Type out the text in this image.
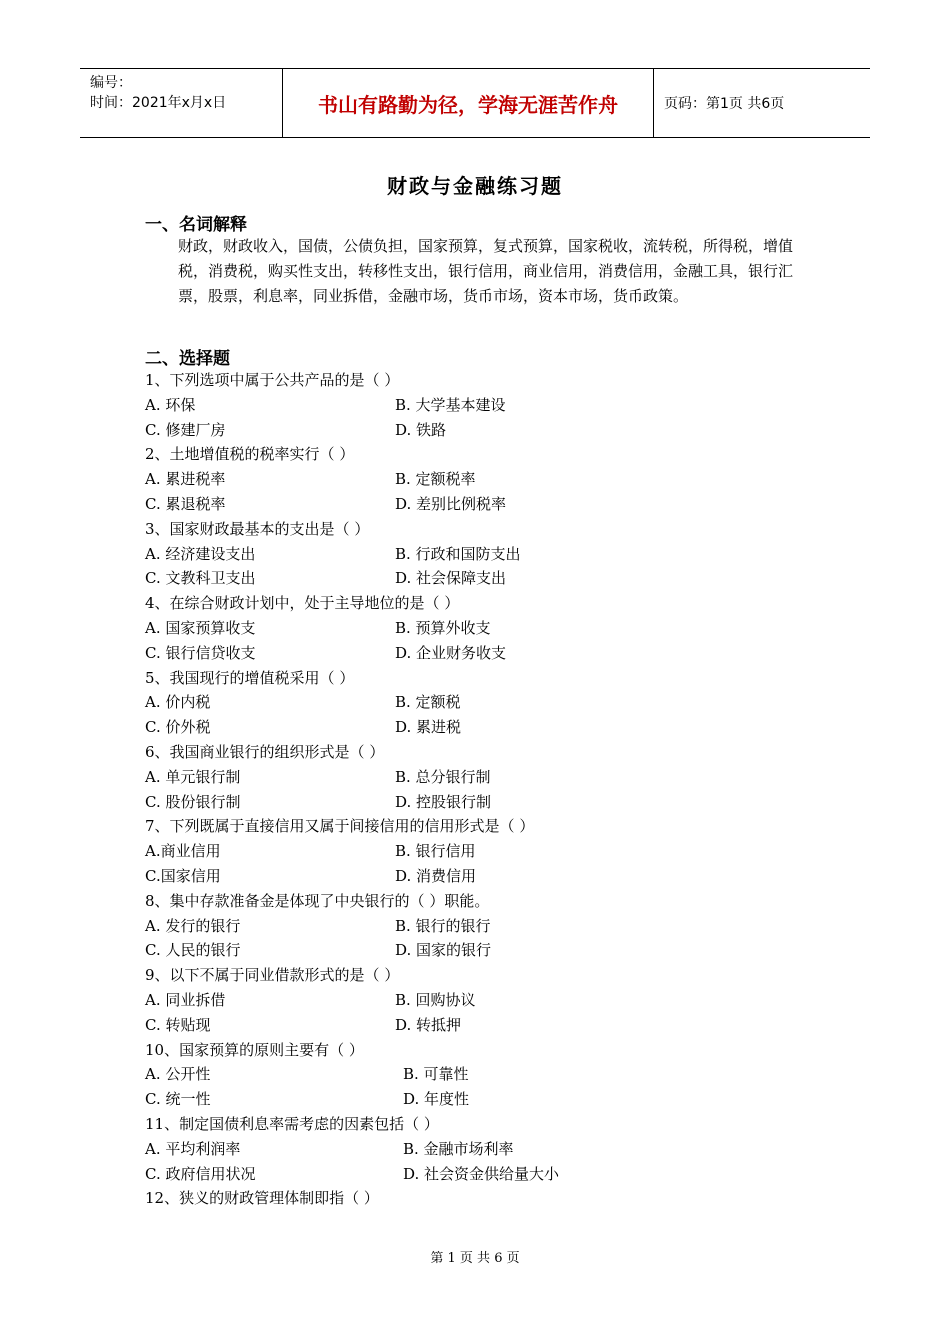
编号：
时间：2021年x月x日	书山有路勤为径，学海无涯苦作舟	页码：第1页 共6页
财政与金融练习题
一、名词解释
财政，财政收入，国债，公债负担，国家预算，复式预算，国家税收，流转税，所得税，增值税，消费税，购买性支出，转移性支出，银行信用，商业信用，消费信用，金融工具，银行汇票，股票，利息率，同业拆借，金融市场，货币市场，资本市场，货币政策。
二、选择题
1、下列选项中属于公共产品的是（ ）
A. 环保	B. 大学基本建设
C. 修建厂房	D. 铁路
2、土地增值税的税率实行（ ）
A. 累进税率	B. 定额税率
C. 累退税率	D. 差别比例税率
3、国家财政最基本的支出是（ ）
A. 经济建设支出	B. 行政和国防支出
C. 文教科卫支出	D. 社会保障支出
4、在综合财政计划中，处于主导地位的是（ ）
A. 国家预算收支	B. 预算外收支
C. 银行信贷收支	D. 企业财务收支
5、我国现行的增值税采用（ ）
A. 价内税	B. 定额税
C. 价外税	D. 累进税
6、我国商业银行的组织形式是（ ）
A. 单元银行制	B. 总分银行制
C. 股份银行制	D. 控股银行制
7、下列既属于直接信用又属于间接信用的信用形式是（ ）
A.商业信用	B. 银行信用
C.国家信用	D. 消费信用
8、集中存款准备金是体现了中央银行的（ ）职能。
A. 发行的银行	B. 银行的银行
C. 人民的银行	D. 国家的银行
9、以下不属于同业借款形式的是（ ）
A. 同业拆借	B. 回购协议
C. 转贴现	D. 转抵押
10、国家预算的原则主要有（ ）
A. 公开性	B. 可靠性
C. 统一性	D. 年度性
11、制定国债利息率需考虑的因素包括（ ）
A. 平均利润率	B. 金融市场利率
C. 政府信用状况	D. 社会资金供给量大小
12、狭义的财政管理体制即指（ ）
第 1 页 共 6 页
